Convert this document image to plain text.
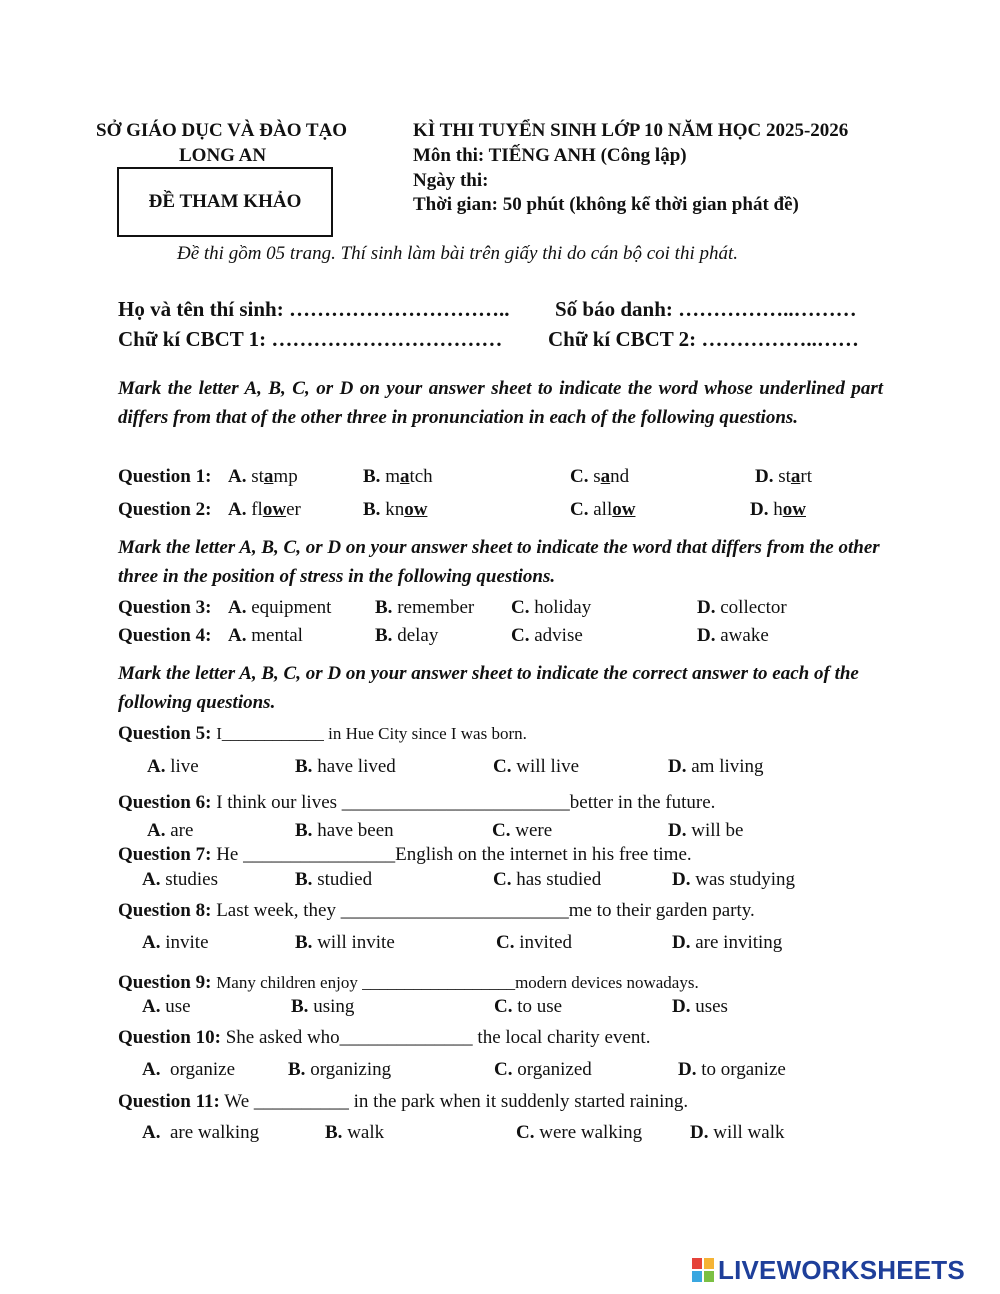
SỞ GIÁO DỤC VÀ ĐÀO TẠO
LONG AN
ĐỀ THAM KHẢO
KÌ THI TUYỂN SINH LỚP 10 NĂM HỌC 2025-2026
Môn thi: TIẾNG ANH (Công lập)
Ngày thi:
Thời gian: 50 phút (không kể thời gian phát đề)
Đề thi gồm 05 trang. Thí sinh làm bài trên giấy thi do cán bộ coi thi phát.
Họ và tên thí sinh: ………………………….. Số báo danh: ……………..………
Chữ kí CBCT 1: …………………………… Chữ kí CBCT 2: ……………..……
Mark the letter A, B, C, or D on your answer sheet to indicate the word whose underlined part differs from that of the other three in pronunciation in each of the following questions.
Question 1: A. stamp	B. match	C. sand	D. start
Question 2: A. flower	B. know	C. allow	D. how
Mark the letter A, B, C, or D on your answer sheet to indicate the word that differs from the other three in the position of stress in the following questions.
Question 3: A. equipment B. remember C. holiday	D. collector
Question 4: A. mental	B. delay	C. advise	D. awake
Mark the letter A, B, C, or D on your answer sheet to indicate the correct answer to each of the following questions.
Question 5: I____________ in Hue City since I was born.
A. live	B. have lived	C. will live	D. am living
Question 6: I think our lives ________________________better in the future.
A. are	B. have been	C. were	D. will be
Question 7: He ________________English on the internet in his free time.
A. studies	B. studied	C. has studied	D. was studying
Question 8: Last week, they ________________________me to their garden party.
A. invite	B. will invite	C. invited	D. are inviting
Question 9: Many children enjoy __________________modern devices nowadays.
A. use	B. using	C. to use	D. uses
Question 10: She asked who______________ the local charity event.
A. organize	B. organizing	C. organized	D. to organize
Question 11: We __________ in the park when it suddenly started raining.
A. are walking	B. walk	C. were walking	D. will walk
LIVEWORKSHEETS
